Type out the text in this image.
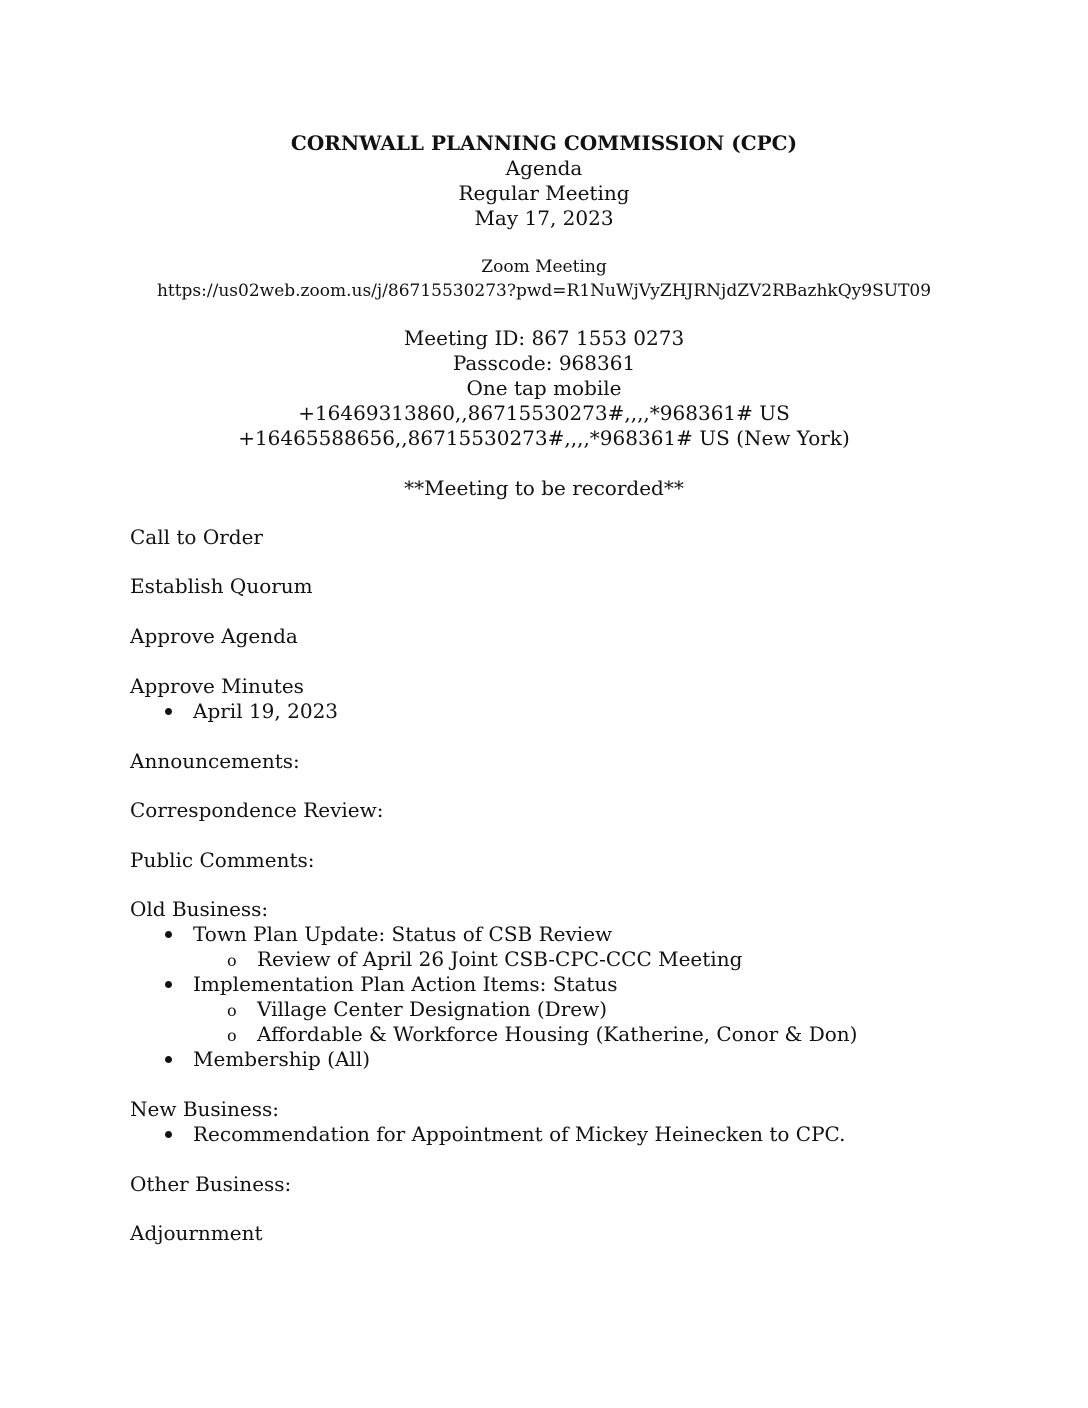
CORNWALL PLANNING COMMISSION (CPC)
Agenda
Regular Meeting
May 17, 2023
Zoom Meeting
https://us02web.zoom.us/j/86715530273?pwd=R1NuWjVyZHJRNjdZV2RBazhkQy9SUT09
Meeting ID: 867 1553 0273
Passcode: 968361
One tap mobile
+16469313860,,86715530273#,,,,*968361# US
+16465588656,,86715530273#,,,,*968361# US (New York)
**Meeting to be recorded**
Call to Order
Establish Quorum
Approve Agenda
Approve Minutes
April 19, 2023
Announcements:
Correspondence Review:
Public Comments:
Old Business:
Town Plan Update: Status of CSB Review
o Review of April 26 Joint CSB-CPC-CCC Meeting
Implementation Plan Action Items: Status
o Village Center Designation (Drew)
o Affordable & Workforce Housing (Katherine, Conor & Don)
Membership (All)
New Business:
Recommendation for Appointment of Mickey Heinecken to CPC.
Other Business:
Adjournment
